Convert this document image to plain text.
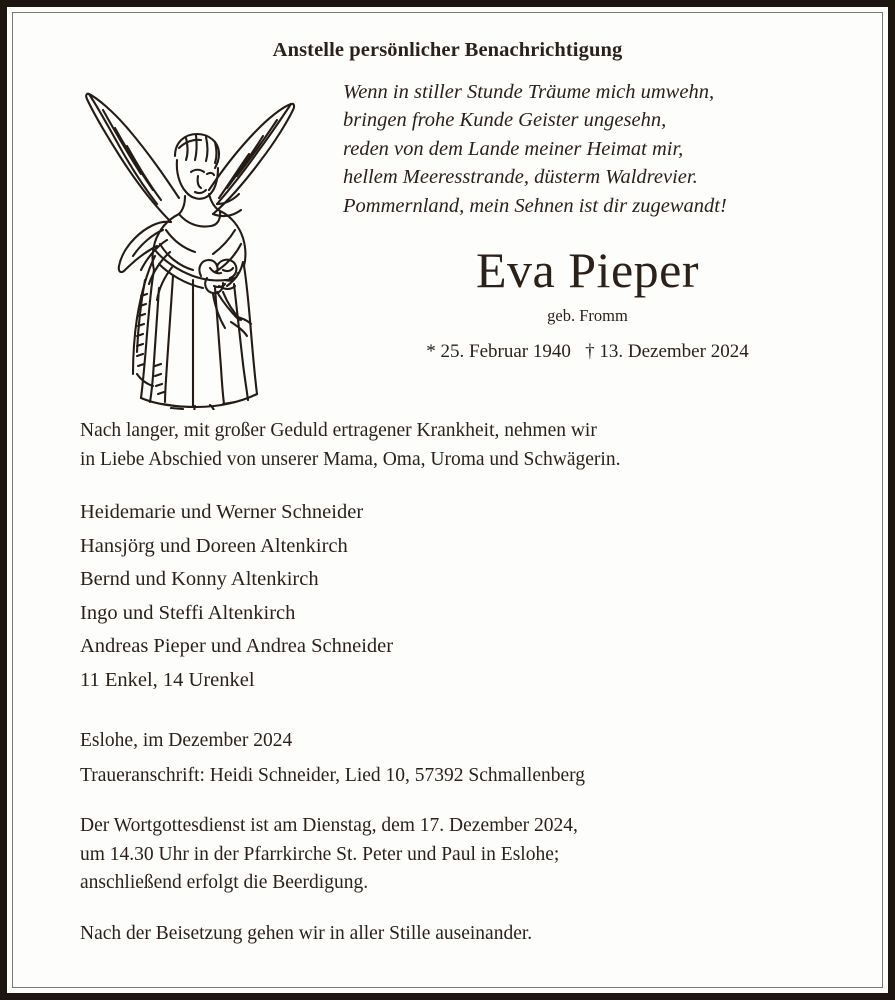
Anstelle persönlicher Benachrichtigung
Wenn in stiller Stunde Träume mich umwehn,
bringen frohe Kunde Geister ungesehn,
reden von dem Lande meiner Heimat mir,
hellem Meeresstrande, düsterm Waldrevier.
Pommernland, mein Sehnen ist dir zugewandt!
Eva Pieper
geb. Fromm
* 25. Februar 1940   † 13. Dezember 2024
Nach langer, mit großer Geduld ertragener Krankheit, nehmen wir
in Liebe Abschied von unserer Mama, Oma, Uroma und Schwägerin.
Heidemarie und Werner Schneider
Hansjörg und Doreen Altenkirch
Bernd und Konny Altenkirch
Ingo und Steffi Altenkirch
Andreas Pieper und Andrea Schneider
11 Enkel, 14 Urenkel
Eslohe, im Dezember 2024
Traueranschrift: Heidi Schneider, Lied 10, 57392 Schmallenberg
Der Wortgottesdienst ist am Dienstag, dem 17. Dezember 2024,
um 14.30 Uhr in der Pfarrkirche St. Peter und Paul in Eslohe;
anschließend erfolgt die Beerdigung.
Nach der Beisetzung gehen wir in aller Stille auseinander.
